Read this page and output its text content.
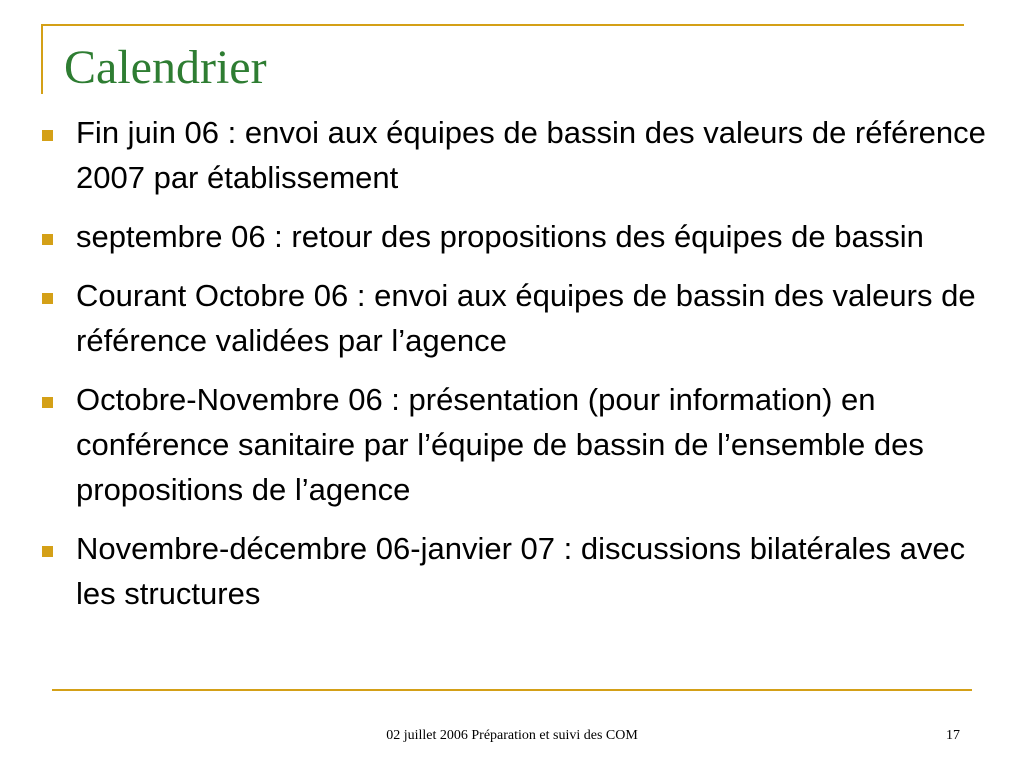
Calendrier
Fin juin 06 : envoi aux équipes de bassin des valeurs de référence 2007 par établissement
septembre 06 : retour des propositions des équipes de bassin
Courant Octobre 06 : envoi aux équipes de bassin des valeurs de référence validées par l’agence
Octobre-Novembre 06 : présentation (pour information) en conférence sanitaire par l’équipe de bassin de l’ensemble des propositions de l’agence
Novembre-décembre 06-janvier 07 : discussions bilatérales avec les structures
02 juillet 2006 Préparation et suivi des COM	17
